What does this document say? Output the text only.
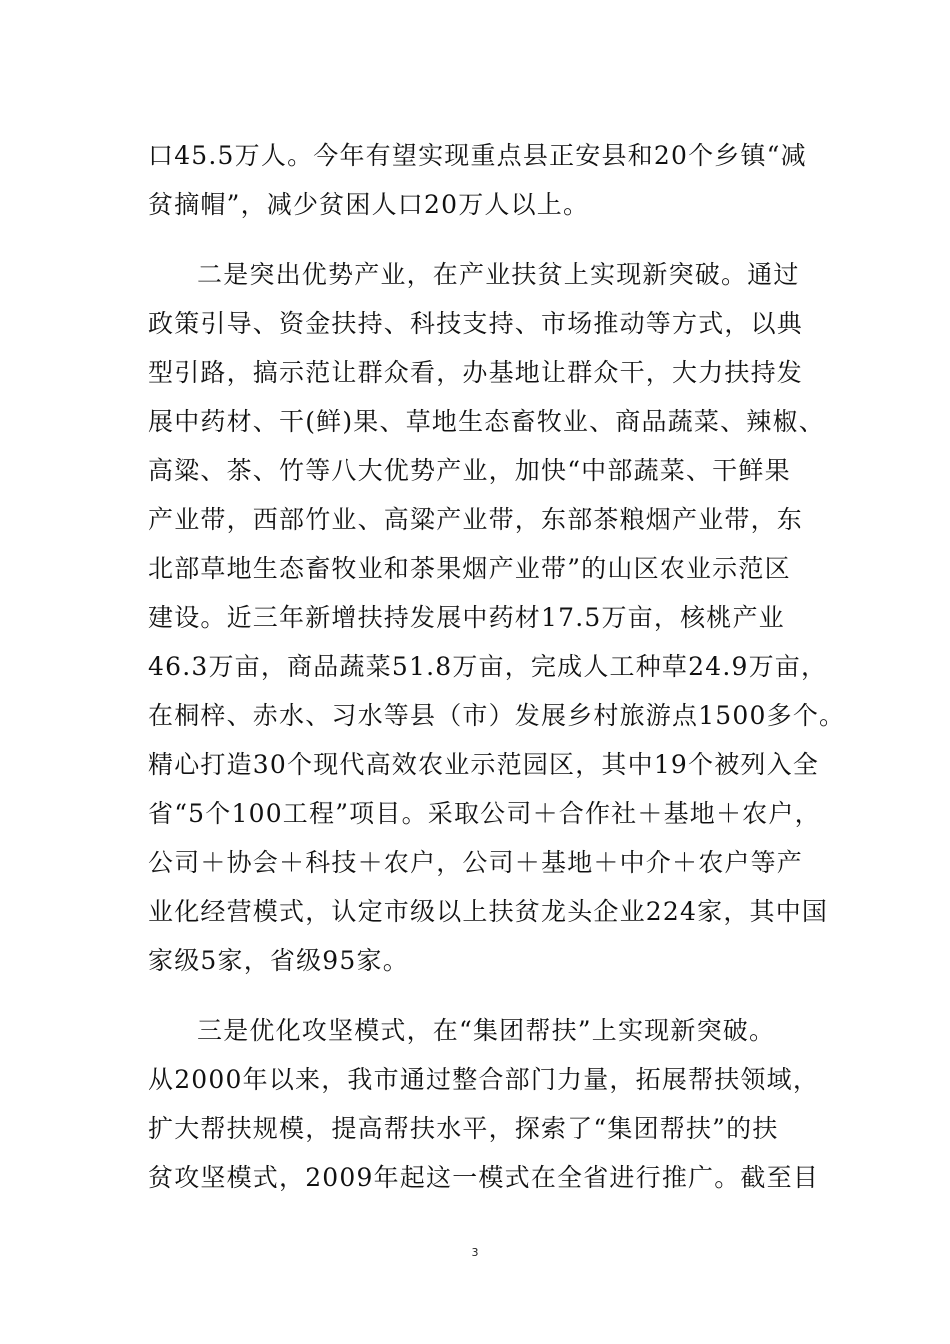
口45.5万人。今年有望实现重点县正安县和20个乡镇“减
贫摘帽”，减少贫困人口20万人以上。
二是突出优势产业，在产业扶贫上实现新突破。通过
政策引导、资金扶持、科技支持、市场推动等方式，以典
型引路，搞示范让群众看，办基地让群众干，大力扶持发
展中药材、干(鲜)果、草地生态畜牧业、商品蔬菜、辣椒、
高粱、茶、竹等八大优势产业，加快“中部蔬菜、干鲜果
产业带，西部竹业、高粱产业带，东部茶粮烟产业带，东
北部草地生态畜牧业和茶果烟产业带”的山区农业示范区
建设。近三年新增扶持发展中药材17.5万亩，核桃产业
46.3万亩，商品蔬菜51.8万亩，完成人工种草24.9万亩，
在桐梓、赤水、习水等县（市）发展乡村旅游点1500多个。
精心打造30个现代高效农业示范园区，其中19个被列入全
省“5个100工程”项目。采取公司＋合作社＋基地＋农户，
公司＋协会＋科技＋农户，公司＋基地＋中介＋农户等产
业化经营模式，认定市级以上扶贫龙头企业224家，其中国
家级5家，省级95家。
三是优化攻坚模式，在“集团帮扶”上实现新突破。
从2000年以来，我市通过整合部门力量，拓展帮扶领域，
扩大帮扶规模，提高帮扶水平，探索了“集团帮扶”的扶
贫攻坚模式，2009年起这一模式在全省进行推广。截至目
3
